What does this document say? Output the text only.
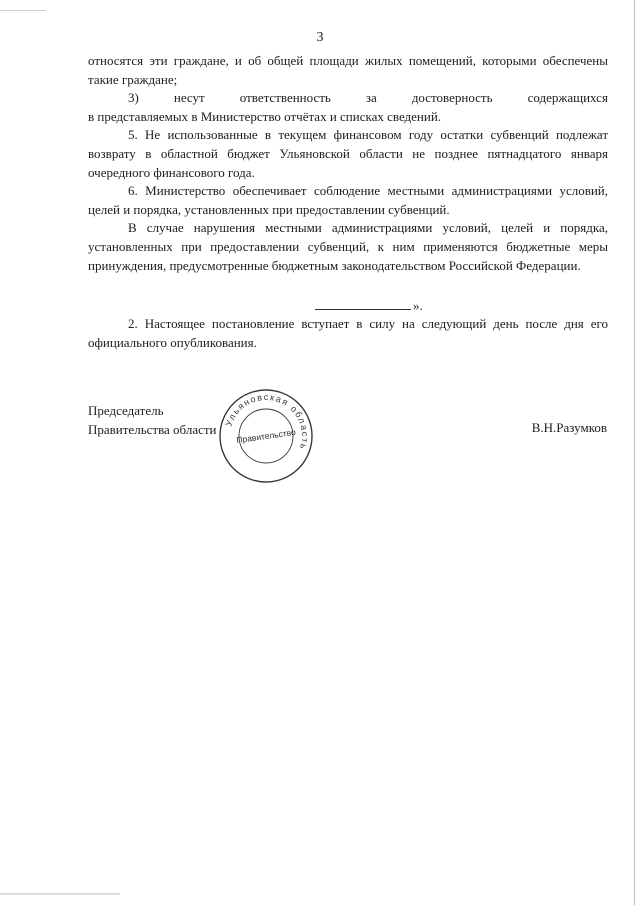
3

относятся эти граждане, и об общей площади жилых помещений, которыми обеспечены такие граждане;

3)	несут	ответственность	за	достоверность	содержащихся

в представляемых в Министерство отчётах и списках сведений.

5. Не использованные в текущем финансовом году остатки субвенций подлежат возврату в областной бюджет Ульяновской области не позднее пятнадцатого января очередного финансового года.

6. Министерство обеспечивает соблюдение местными администрациями условий, целей и порядка, установленных при предоставлении субвенций.

В случае нарушения местными администрациями условий, целей и порядка, установленных при предоставлении субвенций, к ним применяются бюджетные меры принуждения, предусмотренные бюджетным законодательством Российской Федерации.

».

2. Настоящее постановление вступает в силу на следующий день после дня его официального опубликования.

Председатель
Правительства области Ульяновская область
Правительство	В.Н.Разумков
